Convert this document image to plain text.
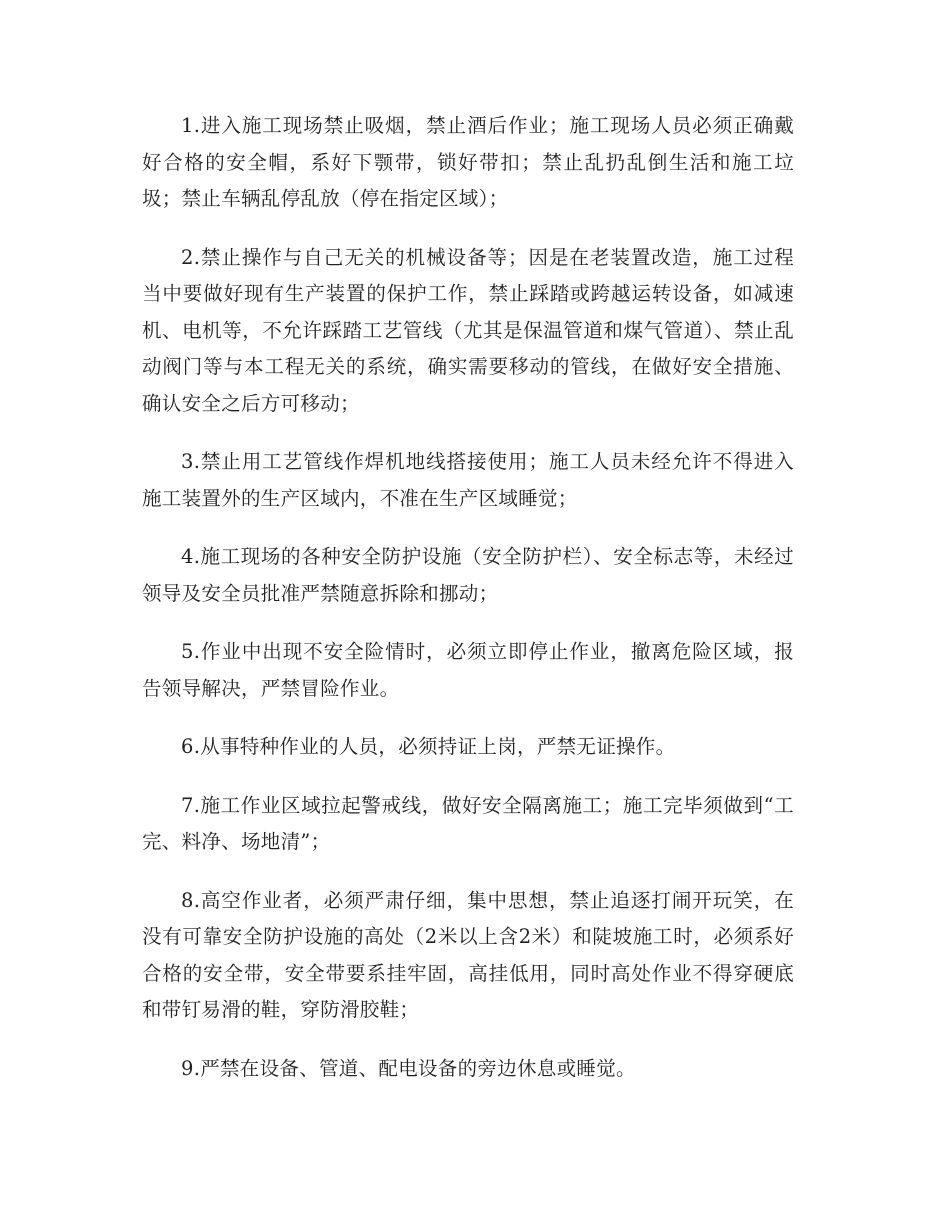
1.进入施工现场禁止吸烟，禁止酒后作业；施工现场人员必须正确戴好合格的安全帽，系好下颚带，锁好带扣；禁止乱扔乱倒生活和施工垃圾；禁止车辆乱停乱放（停在指定区域）；

2.禁止操作与自己无关的机械设备等；因是在老装置改造，施工过程当中要做好现有生产装置的保护工作，禁止踩踏或跨越运转设备，如减速机、电机等，不允许踩踏工艺管线（尤其是保温管道和煤气管道）、禁止乱动阀门等与本工程无关的系统，确实需要移动的管线，在做好安全措施、确认安全之后方可移动；

3.禁止用工艺管线作焊机地线搭接使用；施工人员未经允许不得进入施工装置外的生产区域内，不准在生产区域睡觉；

4.施工现场的各种安全防护设施（安全防护栏）、安全标志等，未经过领导及安全员批准严禁随意拆除和挪动；

5.作业中出现不安全险情时，必须立即停止作业，撤离危险区域，报告领导解决，严禁冒险作业。

6.从事特种作业的人员，必须持证上岗，严禁无证操作。

7.施工作业区域拉起警戒线，做好安全隔离施工；施工完毕须做到“工完、料净、场地清”；

8.高空作业者，必须严肃仔细，集中思想，禁止追逐打闹开玩笑，在没有可靠安全防护设施的高处（2米以上含2米）和陡坡施工时，必须系好合格的安全带，安全带要系挂牢固，高挂低用，同时高处作业不得穿硬底和带钉易滑的鞋，穿防滑胶鞋；

9.严禁在设备、管道、配电设备的旁边休息或睡觉。
